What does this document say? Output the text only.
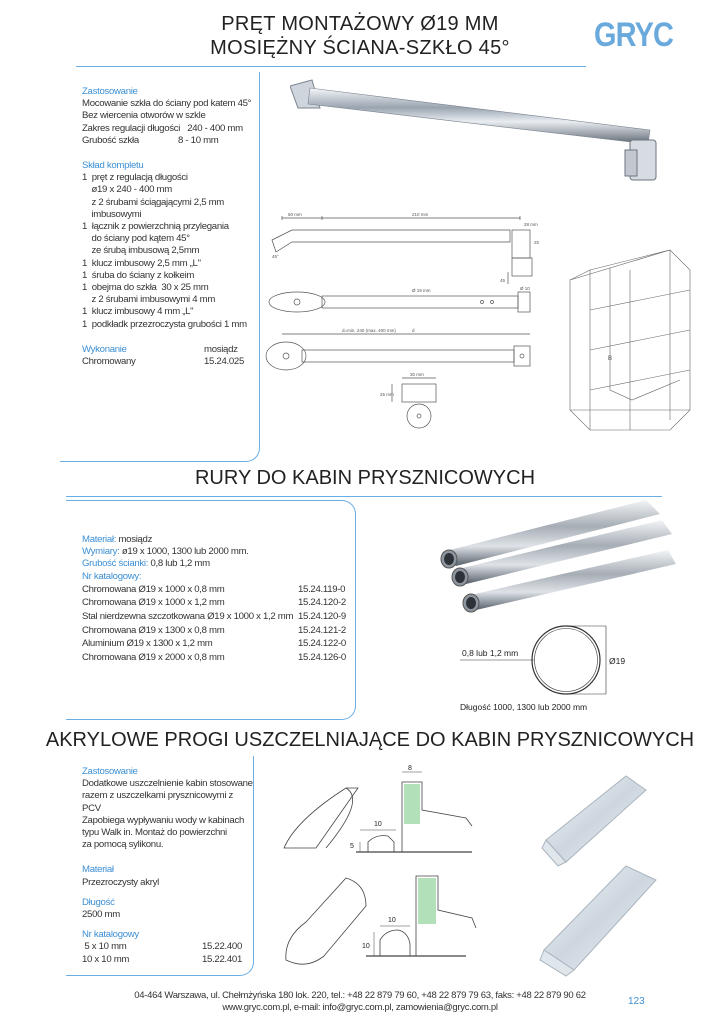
PRĘT MONTAŻOWY Ø19 MM
MOSIĘŻNY ŚCIANA-SZKŁO 45°	GRYC
Zastosowanie
Mocowanie szkła do ściany pod katem 45°
Bez wiercenia otworów w szkle
Zakres regulacji długości 240 - 400 mm
Grubość szkła	8 - 10 mm
Skład kompletu
1  pręt z regulacją długości
ø19 x 240 - 400 mm
z 2 śrubami ściągającymi 2,5 mm
imbusowymi
1  łącznik z powierzchnią przylegania
do ściany pod kątem 45°
ze śrubą imbusową 2,5mm
1  klucz imbusowy 2,5 mm „L"
1  śruba do ściany z kołkeim
1  obejma do szkła  30 x 25 mm
z 2 śrubami imbusowymi 4 mm
1  klucz imbusowy 4 mm „L"
1  podkładk przezroczysta grubości 1 mm
Wykonanie	mosiądz
Chromowany	15.24.025
60 mm	210 mm
28 mm
25
45°
45
Ø 19 mm	Ø 10
d=min. 240 (max. 400 mm)	d
30 mm
25 mm
B
RURY DO KABIN PRYSZNICOWYCH
Materiał: mosiądz
Wymiary: ø19 x 1000, 1300 lub 2000 mm.
Grubość ścianki: 0,8 lub 1,2 mm
Nr katalogowy:
Chromowana Ø19 x 1000 x 0,8 mm	15.24.119-0
Chromowana Ø19 x 1000 x 1,2 mm	15.24.120-2
Stal nierdzewna szczotkowana Ø19 x 1000 x 1,2 mm 15.24.120-9
Chromowana Ø19 x 1300 x 0,8 mm	15.24.121-2
Aluminium Ø19 x 1300 x 1,2 mm	15.24.122-0
Chromowana Ø19 x 2000 x 0,8 mm	15.24.126-0	0,8 lub 1,2 mm
Ø19
Długość 1000, 1300 lub 2000 mm
AKRYLOWE PROGI USZCZELNIAJĄCE DO KABIN PRYSZNICOWYCH
Zastosowanie
Dodatkowe uszczelnienie kabin stosowane
razem z uszczelkami prysznicowymi z PCV
Zapobiega wypływaniu wody w kabinach
typu Walk in. Montaż do powierzchni
za pomocą sylikonu.
Materiał
Przezroczysty akryl
Długość
2500 mm
Nr katalogowy
5 x 10 mm	15.22.400
10 x 10 mm	15.22.401
8
10
5
10
10
04-464 Warszawa, ul. Chełmżyńska 180 lok. 220, tel.: +48 22 879 79 60, +48 22 879 79 63, faks: +48 22 879 90 62
www.gryc.com.pl, e-mail: info@gryc.com.pl, zamowienia@gryc.com.pl
123
